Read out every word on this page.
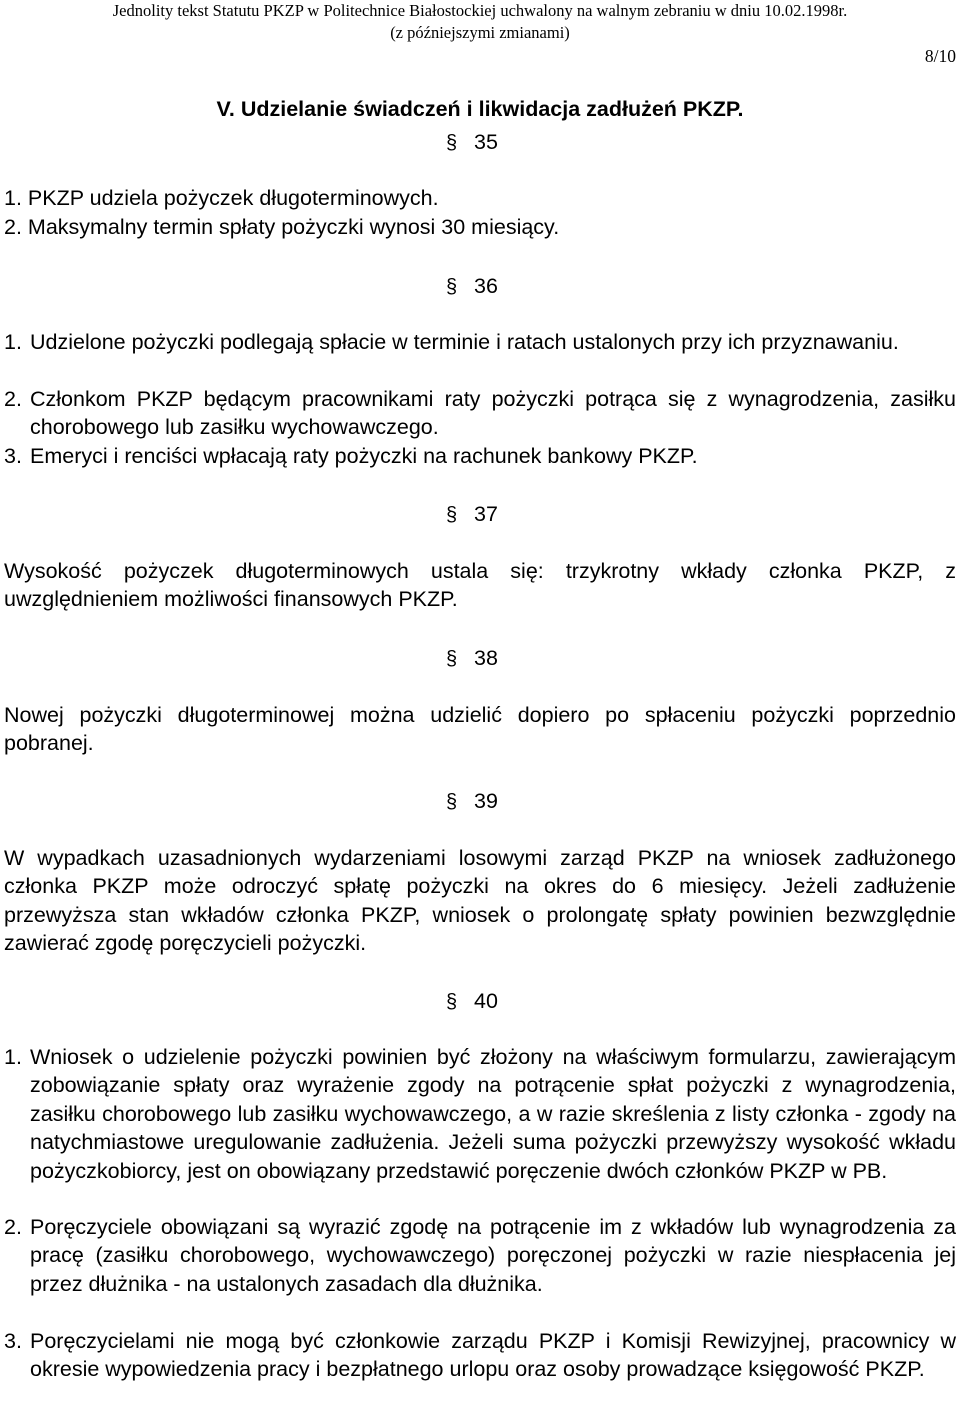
Jednolity tekst Statutu PKZP w Politechnice Białostockiej uchwalony na walnym zebraniu w dniu 10.02.1998r.
(z późniejszymi zmianami)
8/10
V. Udzielanie świadczeń i likwidacja zadłużeń PKZP.
§ 35
1. PKZP udziela pożyczek długoterminowych.
2. Maksymalny termin spłaty pożyczki wynosi 30 miesiący.
§ 36
1. Udzielone pożyczki podlegają spłacie w terminie i ratach ustalonych przy ich przyznawaniu.
2. Członkom PKZP będącym pracownikami raty pożyczki potrąca się z wynagrodzenia, zasiłku chorobowego lub zasiłku wychowawczego.
3. Emeryci i renciści wpłacają raty pożyczki na rachunek bankowy PKZP.
§ 37
Wysokość pożyczek długoterminowych ustala się: trzykrotny wkłady członka PKZP, z uwzględnieniem możliwości finansowych PKZP.
§ 38
Nowej pożyczki długoterminowej można udzielić dopiero po spłaceniu pożyczki poprzednio pobranej.
§ 39
W wypadkach uzasadnionych wydarzeniami losowymi zarząd PKZP na wniosek zadłużonego członka PKZP może odroczyć spłatę pożyczki na okres do 6 miesięcy. Jeżeli zadłużenie przewyższa stan wkładów członka PKZP, wniosek o prolongatę spłaty powinien bezwzględnie zawierać zgodę poręczycieli pożyczki.
§ 40
1. Wniosek o udzielenie pożyczki powinien być złożony na właściwym formularzu, zawierającym zobowiązanie spłaty oraz wyrażenie zgody na potrącenie spłat pożyczki z wynagrodzenia, zasiłku chorobowego lub zasiłku wychowawczego, a w razie skreślenia z listy członka - zgody na natychmiastowe uregulowanie zadłużenia. Jeżeli suma pożyczki przewyższy wysokość wkładu pożyczkobiorcy, jest on obowiązany przedstawić poręczenie dwóch członków PKZP w PB.
2. Poręczyciele obowiązani są wyrazić zgodę na potrącenie im z wkładów lub wynagrodzenia za pracę (zasiłku chorobowego, wychowawczego) poręczonej pożyczki w razie niespłacenia jej przez dłużnika - na ustalonych zasadach dla dłużnika.
3. Poręczycielami nie mogą być członkowie zarządu PKZP i Komisji Rewizyjnej, pracownicy w okresie wypowiedzenia pracy i bezpłatnego urlopu oraz osoby prowadzące księgowość PKZP.
